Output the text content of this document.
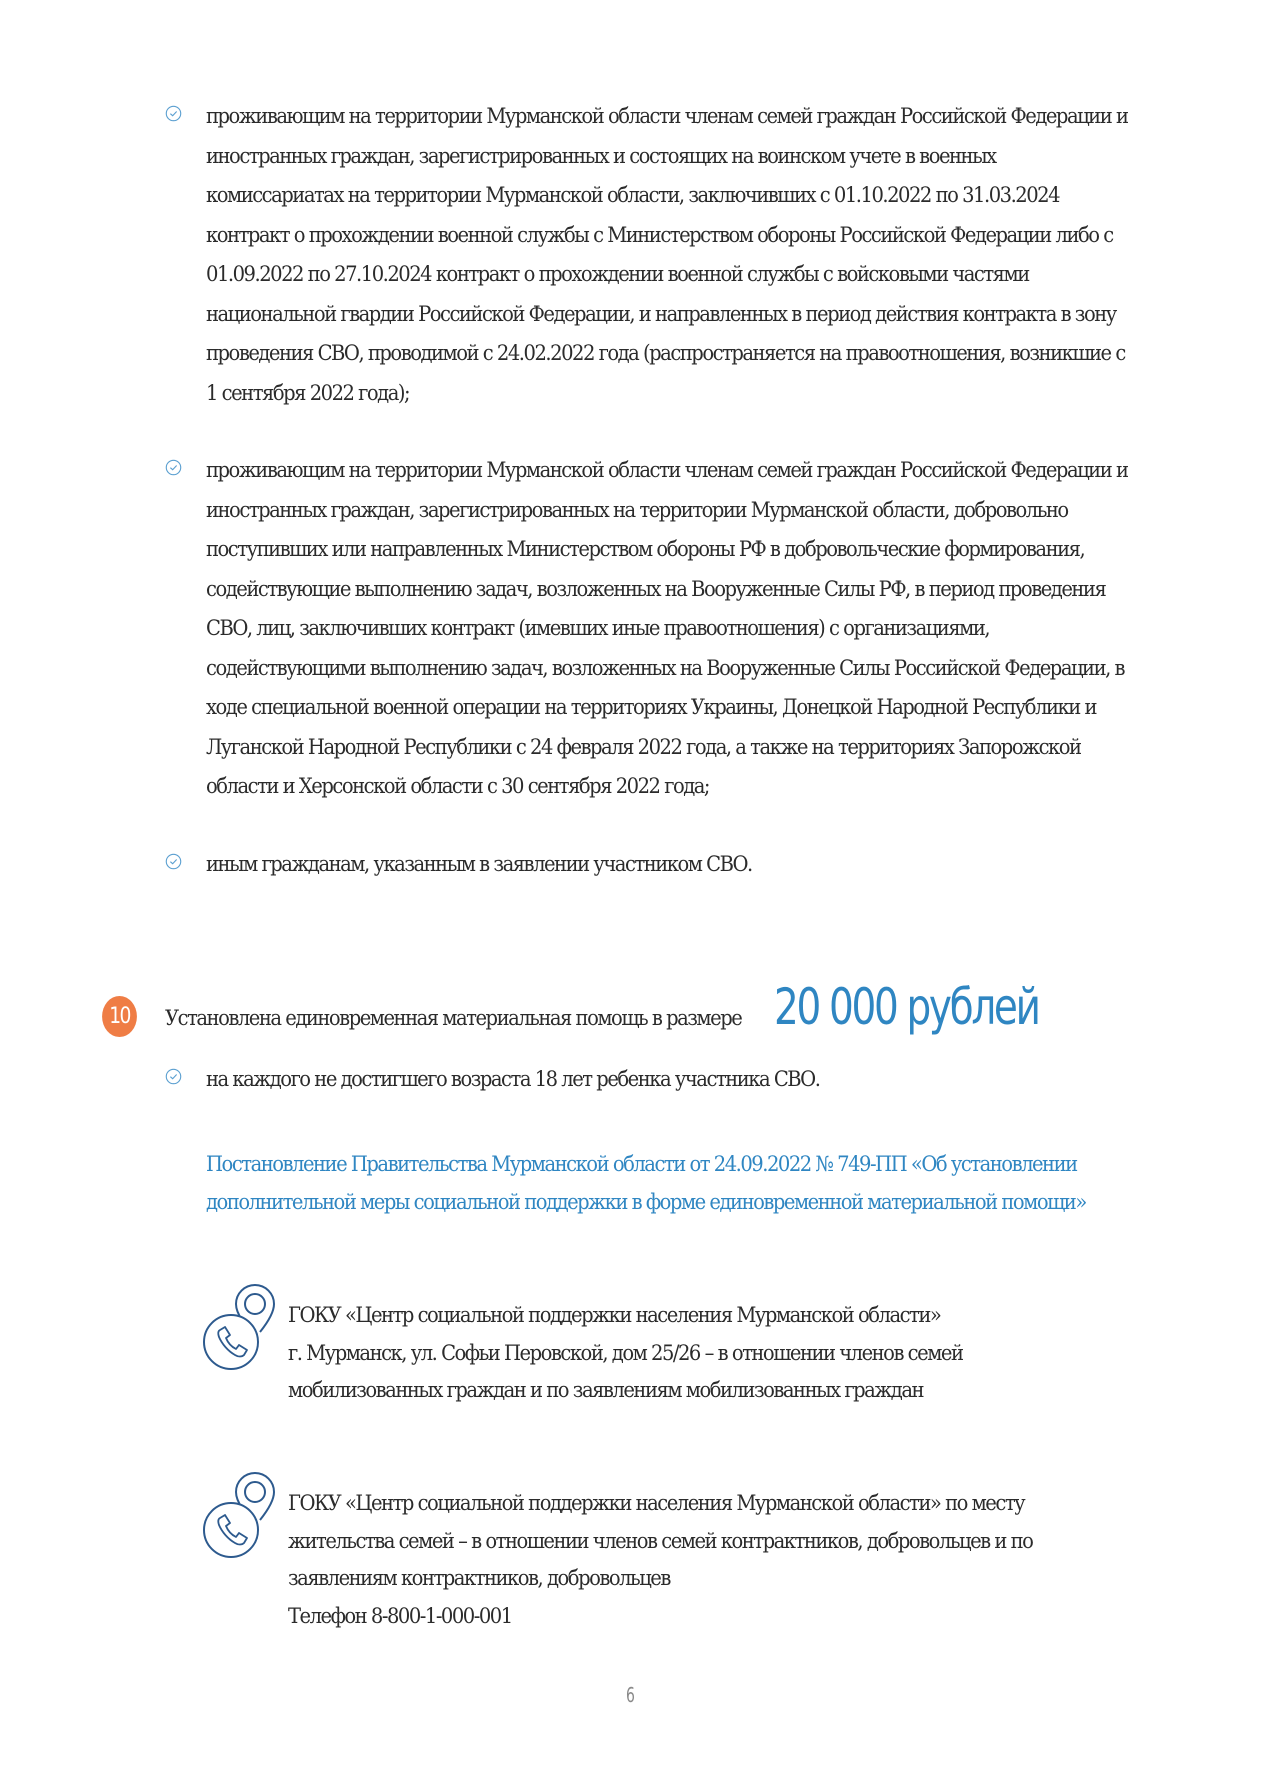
проживающим на территории Мурманской области членам семей граждан Российской Федерации и
иностранных граждан, зарегистрированных и состоящих на воинском учете в военных
комиссариатах на территории Мурманской области, заключивших с 01.10.2022 по 31.03.2024
контракт о прохождении военной службы с Министерством обороны Российской Федерации либо с
01.09.2022 по 27.10.2024 контракт о прохождении военной службы с войсковыми частями
национальной гвардии Российской Федерации, и направленных в период действия контракта в зону
проведения СВО, проводимой с 24.02.2022 года (распространяется на правоотношения, возникшие с
1 сентября 2022 года);
проживающим на территории Мурманской области членам семей граждан Российской Федерации и
иностранных граждан, зарегистрированных на территории Мурманской области, добровольно
поступивших или направленных Министерством обороны РФ в добровольческие формирования,
содействующие выполнению задач, возложенных на Вооруженные Силы РФ, в период проведения
СВО, лиц, заключивших контракт (имевших иные правоотношения) с организациями,
содействующими выполнению задач, возложенных на Вооруженные Силы Российской Федерации, в
ходе специальной военной операции на территориях Украины, Донецкой Народной Республики и
Луганской Народной Республики с 24 февраля 2022 года, а также на территориях Запорожской
области и Херсонской области с 30 сентября 2022 года;
иным гражданам, указанным в заявлении участником СВО.
10	Установлена единовременная материальная помощь в размере 20 000 рублей
на каждого не достигшего возраста 18 лет ребенка участника СВО.
Постановление Правительства Мурманской области от 24.09.2022 № 749-ПП «Об установлении
дополнительной меры социальной поддержки в форме единовременной материальной помощи»
ГОКУ «Центр социальной поддержки населения Мурманской области»
г. Мурманск, ул. Софьи Перовской, дом 25/26 – в отношении членов семей
мобилизованных граждан и по заявлениям мобилизованных граждан
ГОКУ «Центр социальной поддержки населения Мурманской области» по месту
жительства семей – в отношении членов семей контрактников, добровольцев и по
заявлениям контрактников, добровольцев
Телефон 8-800-1-000-001
6
